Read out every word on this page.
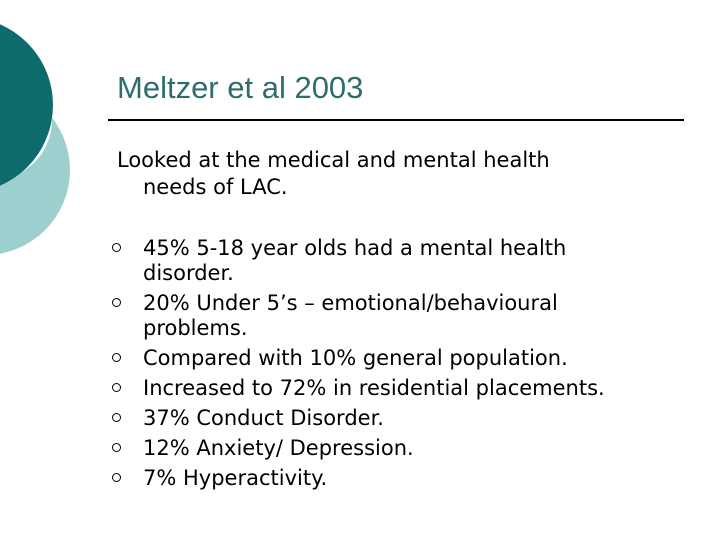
Meltzer et al 2003
Looked at the medical and mental health
needs of LAC.
45% 5-18 year olds had a mental health
disorder.
20% Under 5’s – emotional/behavioural
problems.
Compared with 10% general population.
Increased to 72% in residential placements.
37% Conduct Disorder.
12% Anxiety/ Depression.
7% Hyperactivity.
